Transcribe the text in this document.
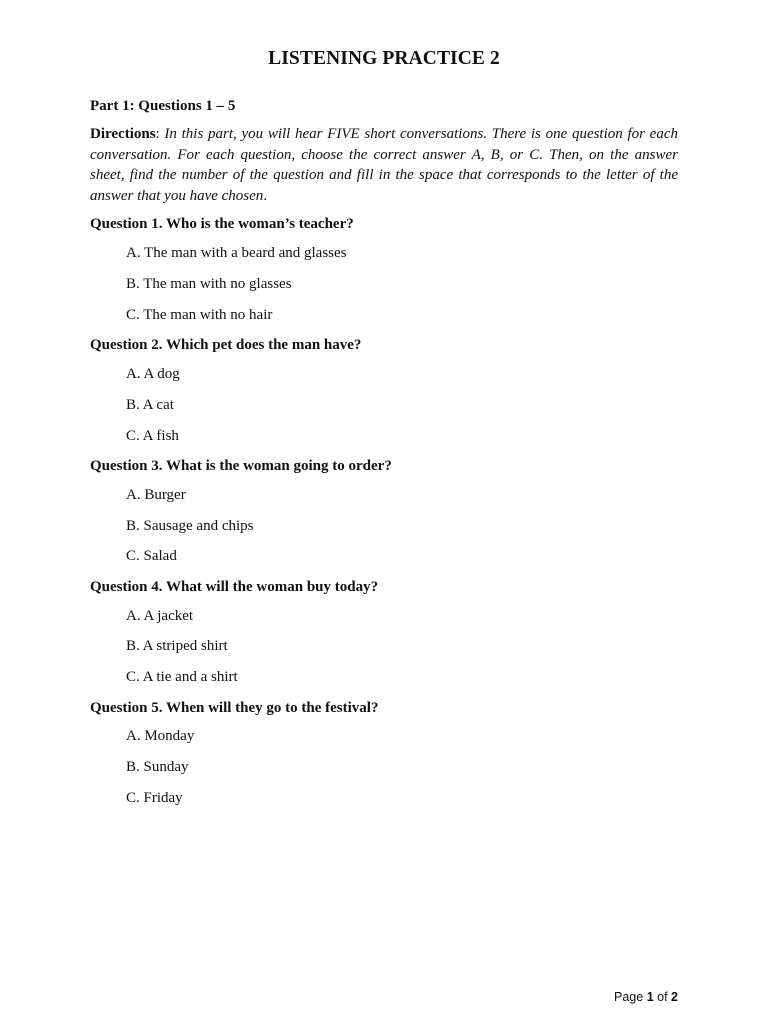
LISTENING PRACTICE 2
Part 1: Questions 1 – 5
Directions: In this part, you will hear FIVE short conversations. There is one question for each conversation. For each question, choose the correct answer A, B, or C. Then, on the answer sheet, find the number of the question and fill in the space that corresponds to the letter of the answer that you have chosen.
Question 1. Who is the woman’s teacher?
A. The man with a beard and glasses
B. The man with no glasses
C. The man with no hair
Question 2. Which pet does the man have?
A. A dog
B. A cat
C. A fish
Question 3. What is the woman going to order?
A. Burger
B. Sausage and chips
C. Salad
Question 4. What will the woman buy today?
A. A jacket
B. A striped shirt
C. A tie and a shirt
Question 5. When will they go to the festival?
A. Monday
B. Sunday
C. Friday
Page 1 of 2
